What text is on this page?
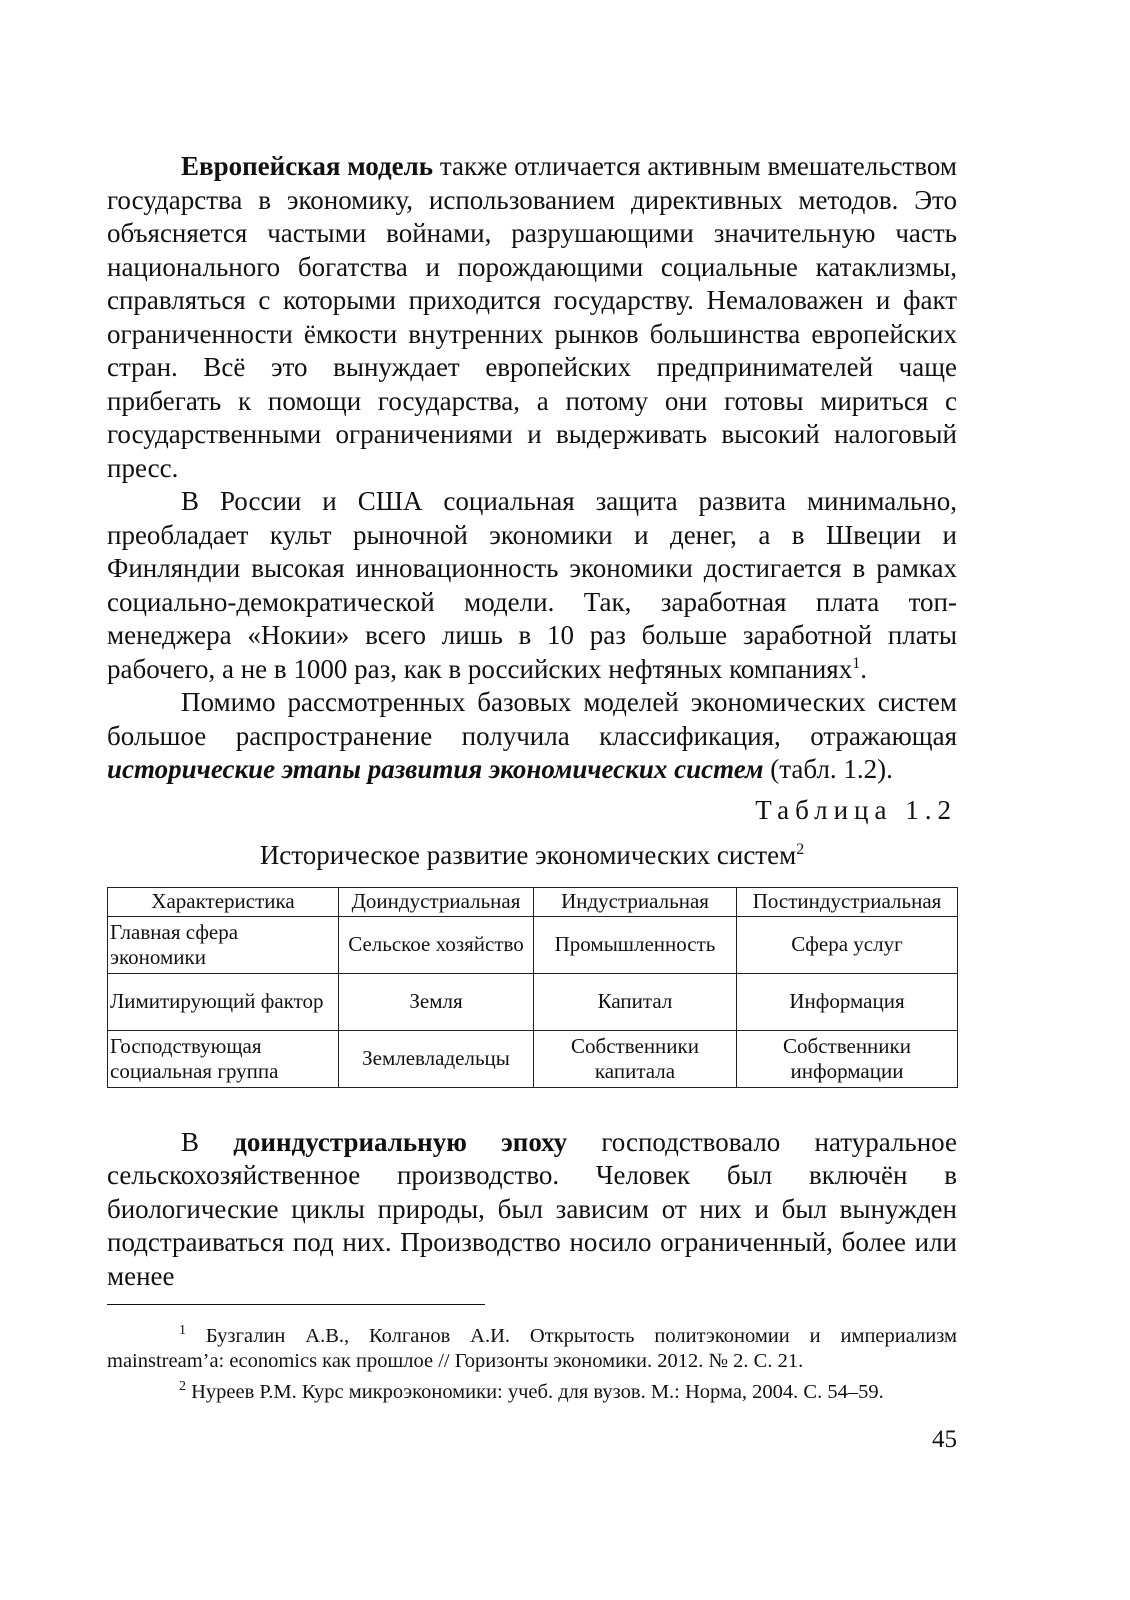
Европейская модель также отличается активным вмешательством государства в экономику, использованием директивных методов. Это объясняется частыми войнами, разрушающими значительную часть национального богатства и порождающими социальные катаклизмы, справляться с которыми приходится государству. Немаловажен и факт ограниченности ёмкости внутренних рынков большинства европейских стран. Всё это вынуждает европейских предпринимателей чаще прибегать к помощи государства, а потому они готовы мириться с государственными ограничениями и выдерживать высокий налоговый пресс.

В России и США социальная защита развита минимально, преобладает культ рыночной экономики и денег, а в Швеции и Финляндии высокая инновационность экономики достигается в рамках социально-демократической модели. Так, заработная плата топ-менеджера «Нокии» всего лишь в 10 раз больше заработной платы рабочего, а не в 1000 раз, как в российских нефтяных компаниях$^1$.

Помимо рассмотренных базовых моделей экономических систем большое распространение получила классификация, отражающая исторические этапы развития экономических систем (табл. 1.2).

Таблица 1.2
Историческое развитие экономических систем$^2$
Характеристика	Доиндустриальная	Индустриальная	Постиндустриальная
Главная сфера экономики	Сельское хозяйство	Промышленность	Сфера услуг
Лимитирующий фактор	Земля	Капитал	Информация
Господствующая социальная группа	Землевладельцы	Собственники капитала	Собственники информации

В доиндустриальную эпоху господствовало натуральное сельскохозяйственное производство. Человек был включён в биологические циклы природы, был зависим от них и был вынужден подстраиваться под них. Производство носило ограниченный, более или менее

$^1$ Бузгалин А.В., Колганов А.И. Открытость политэкономии и империализм mainstream’a: economics как прошлое // Горизонты экономики. 2012. № 2. С. 21.

$^2$ Нуреев Р.М. Курс микроэкономики: учеб. для вузов. М.: Норма, 2004. С. 54–59.

45
